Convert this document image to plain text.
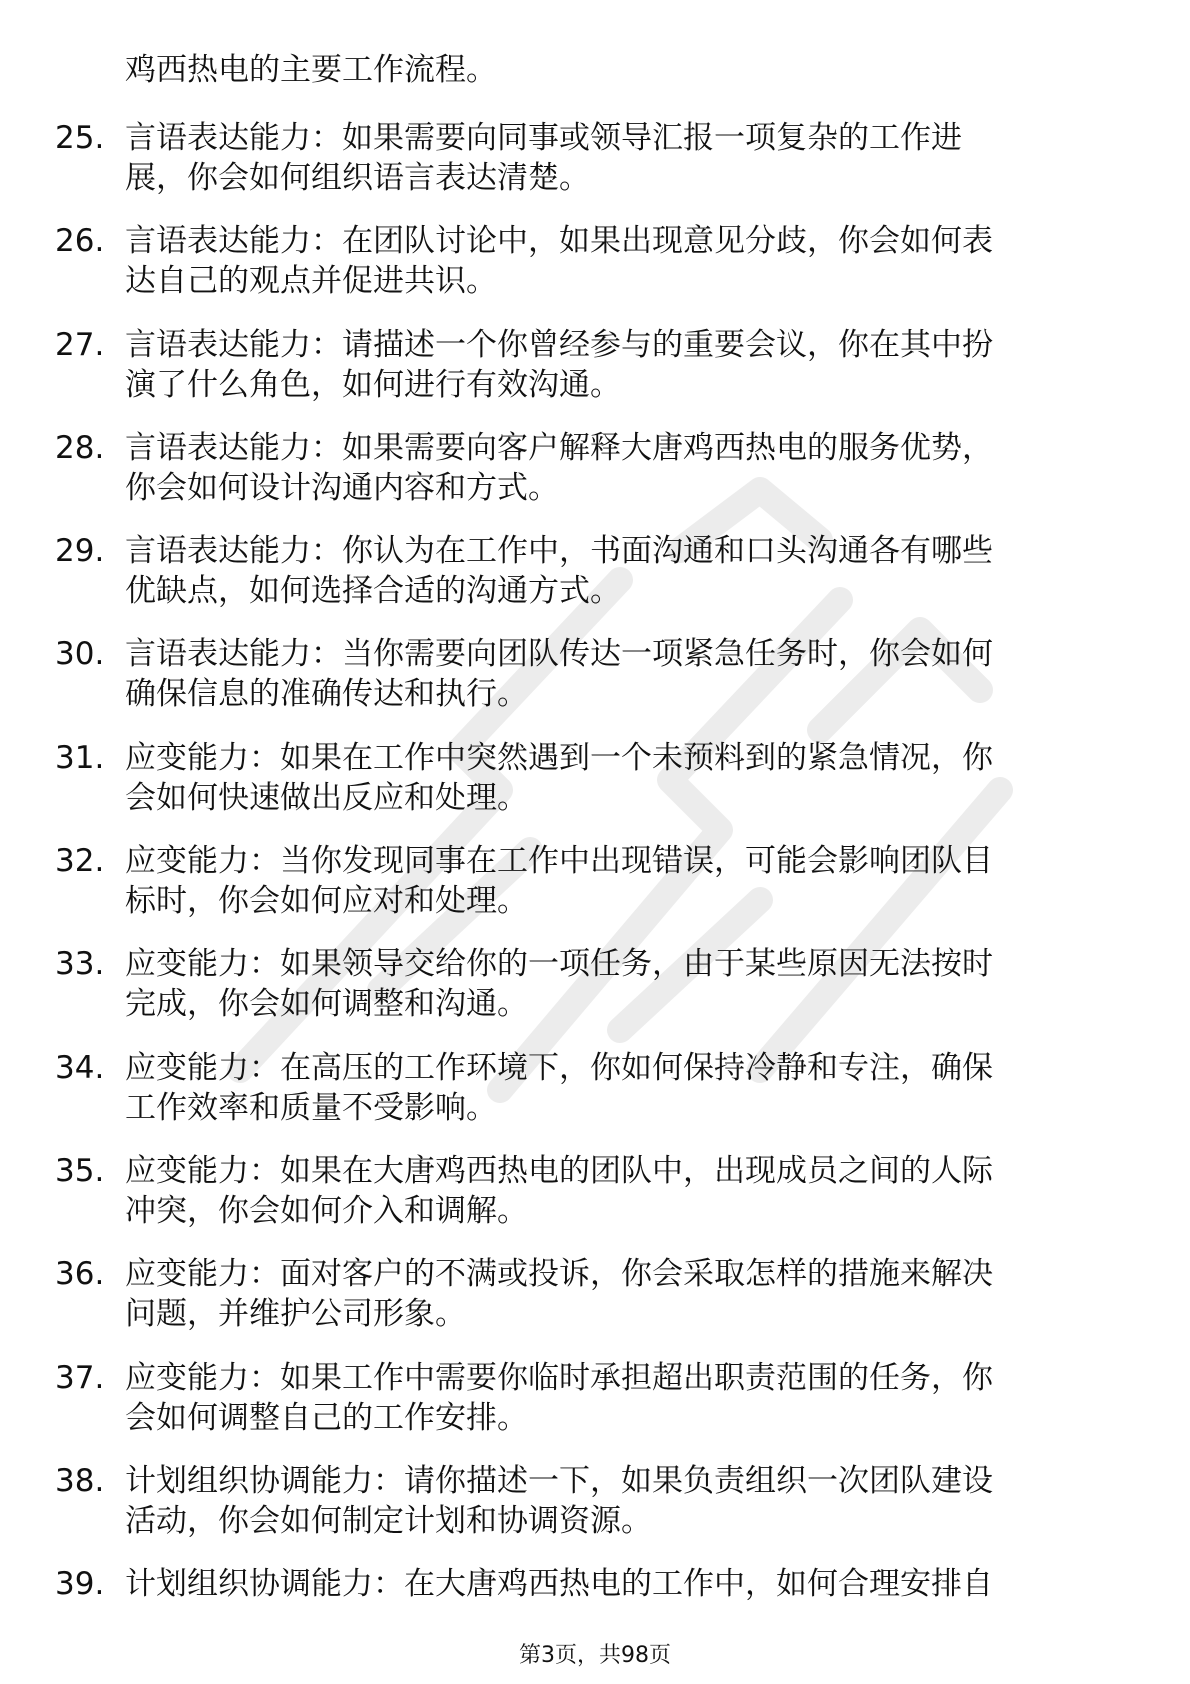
鸡西热电的主要工作流程。
25. 言语表达能力：如果需要向同事或领导汇报一项复杂的工作进
展，你会如何组织语言表达清楚。
26. 言语表达能力：在团队讨论中，如果出现意见分歧，你会如何表
达自己的观点并促进共识。
27. 言语表达能力：请描述一个你曾经参与的重要会议，你在其中扮
演了什么角色，如何进行有效沟通。
28. 言语表达能力：如果需要向客户解释大唐鸡西热电的服务优势，
你会如何设计沟通内容和方式。
29. 言语表达能力：你认为在工作中，书面沟通和口头沟通各有哪些
优缺点，如何选择合适的沟通方式。
30. 言语表达能力：当你需要向团队传达一项紧急任务时，你会如何
确保信息的准确传达和执行。
31. 应变能力：如果在工作中突然遇到一个未预料到的紧急情况，你
会如何快速做出反应和处理。
32. 应变能力：当你发现同事在工作中出现错误，可能会影响团队目
标时，你会如何应对和处理。
33. 应变能力：如果领导交给你的一项任务，由于某些原因无法按时
完成，你会如何调整和沟通。
34. 应变能力：在高压的工作环境下，你如何保持冷静和专注，确保
工作效率和质量不受影响。
35. 应变能力：如果在大唐鸡西热电的团队中，出现成员之间的人际
冲突，你会如何介入和调解。
36. 应变能力：面对客户的不满或投诉，你会采取怎样的措施来解决
问题，并维护公司形象。
37. 应变能力：如果工作中需要你临时承担超出职责范围的任务，你
会如何调整自己的工作安排。
38. 计划组织协调能力：请你描述一下，如果负责组织一次团队建设
活动，你会如何制定计划和协调资源。
39. 计划组织协调能力：在大唐鸡西热电的工作中，如何合理安排自
第3页，共98页
